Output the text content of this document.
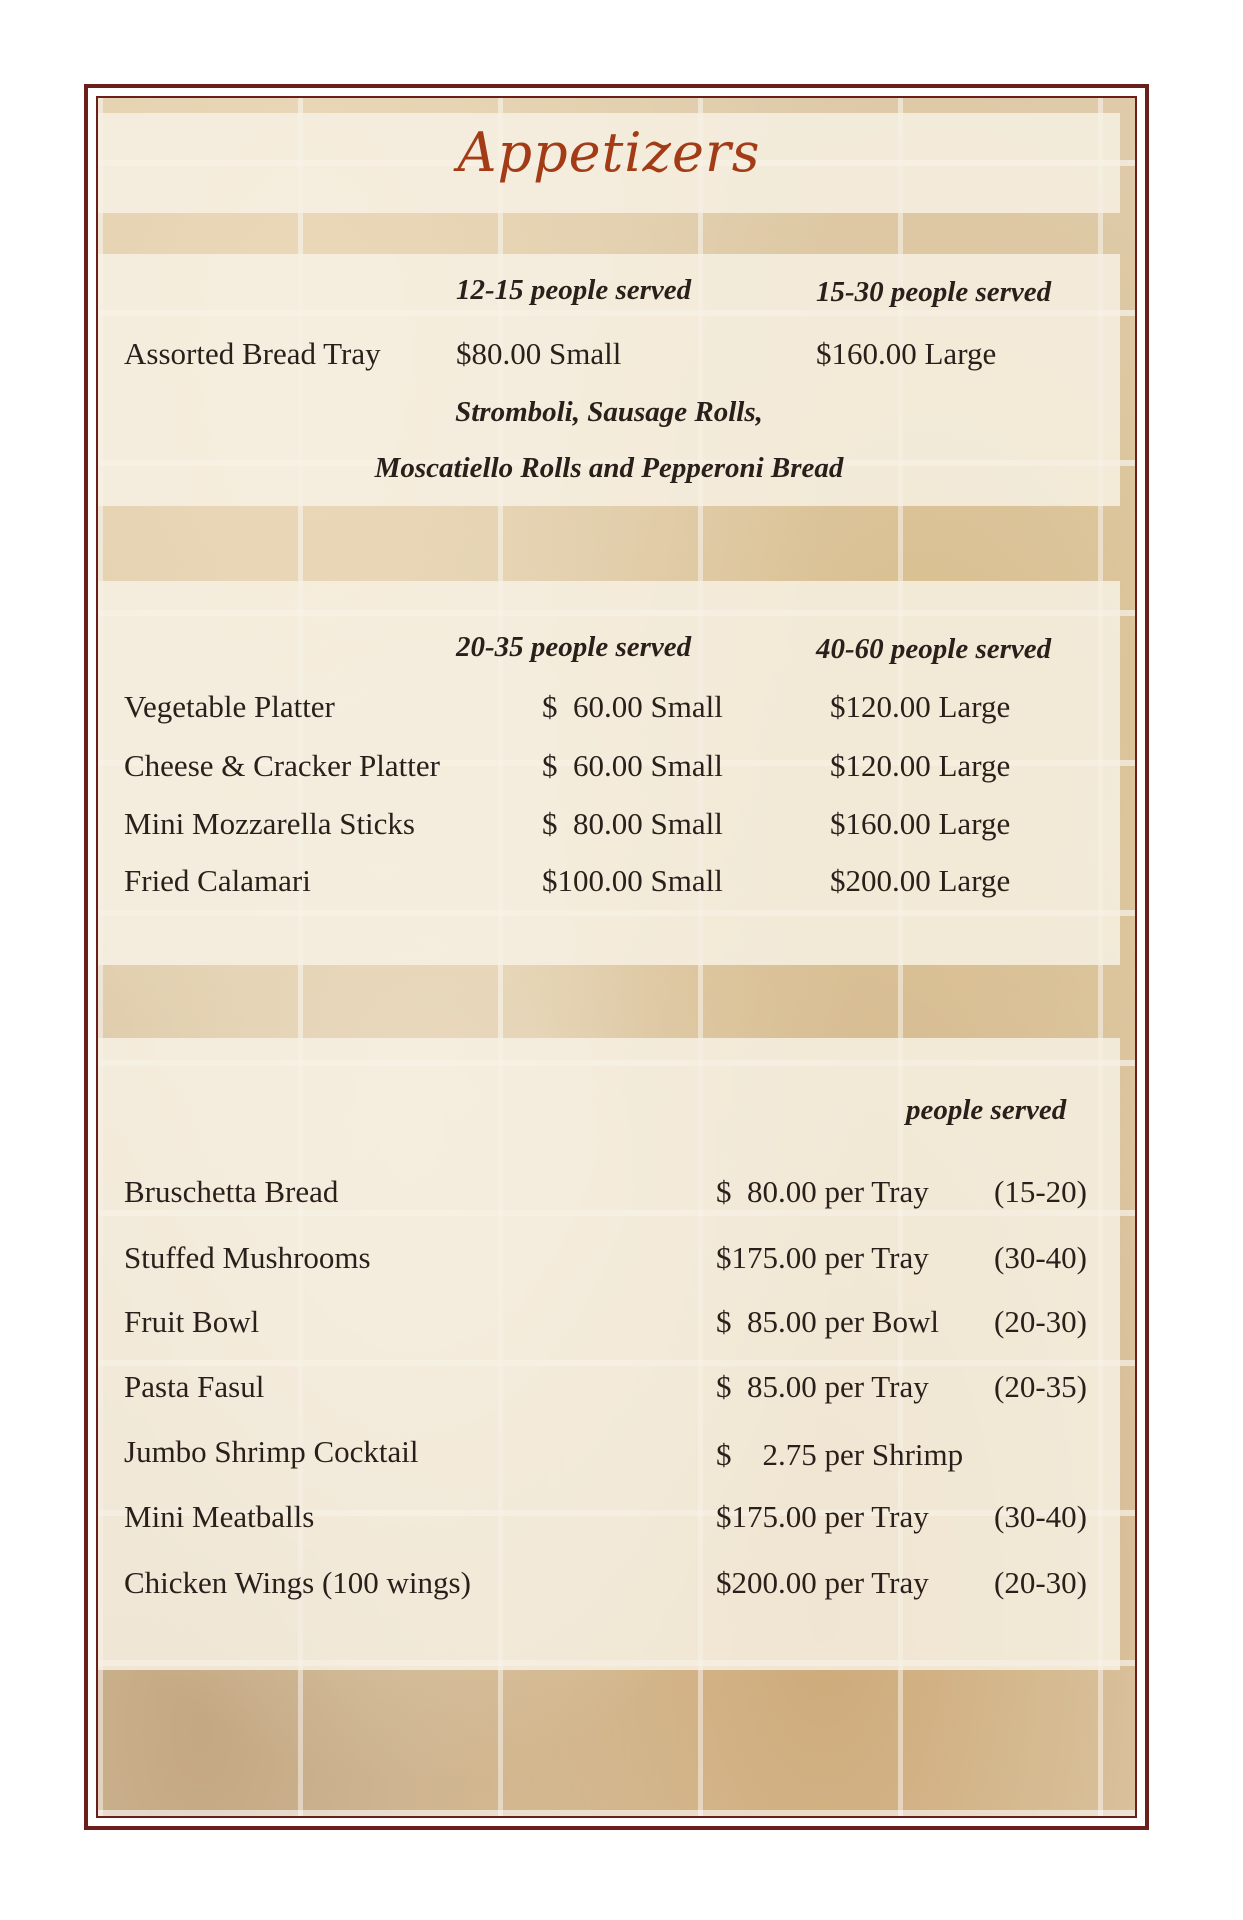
Appetizers
12-15 people served	15-30 people served
Assorted Bread Tray $80.00 Small	$160.00 Large
Stromboli, Sausage Rolls,
Moscatiello Rolls and Pepperoni Bread
20-35 people served	40-60 people served
Vegetable Platter	$  60.00 Small	$120.00 Large
Cheese & Cracker Platter	$  60.00 Small	$120.00 Large
Mini Mozzarella Sticks	$  80.00 Small	$160.00 Large
Fried Calamari	$100.00 Small	$200.00 Large
people served
Bruschetta Bread	$  80.00 per Tray (15-20)
Stuffed Mushrooms	$175.00 per Tray (30-40)
Fruit Bowl	$  85.00 per Bowl (20-30)
Pasta Fasul	$  85.00 per Tray (20-35)
Jumbo Shrimp Cocktail	$    2.75 per Shrimp
Mini Meatballs	$175.00 per Tray (30-40)
Chicken Wings (100 wings)	$200.00 per Tray (20-30)
